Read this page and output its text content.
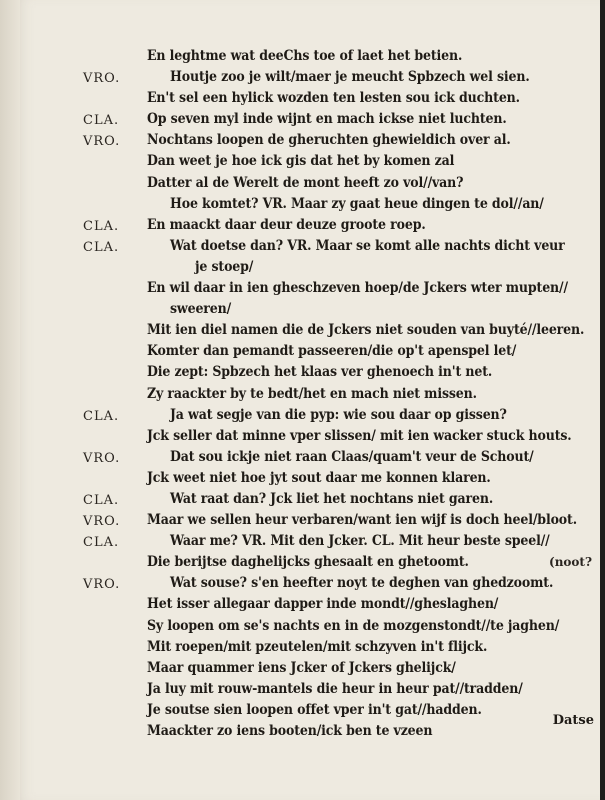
En leghtme wat deeChs toe of laet het betien.
VRO.	Houtje zoo je wilt/maer je meucht Spbzech wel sien.
En't sel een hylick wozden ten lesten sou ick duchten.
CLA. Op seven myl inde wijnt en mach ickse niet luchten.
VRO. Nochtans loopen de gheruchten ghewieldich over al.
Dan weet je hoe ick gis dat het by komen zal
Datter al de Werelt de mont heeft zo vol//van?
Hoe komtet? VR. Maar zy gaat heue dingen te dol//an/
CLA. En maackt daar deur deuze groote roep.
CLA.	Wat doetse dan? VR. Maar se komt alle nachts dicht veur
je stoep/
En wil daar in ien gheschzeven hoep/de Jckers wter mupten//
sweeren/
Mit ien diel namen die de Jckers niet souden van buyté//leeren.
Komter dan pemandt passeeren/die op't apenspel let/
Die zept: Spbzech het klaas ver ghenoech in't net.
Zy raackter by te bedt/het en mach niet missen.
CLA.	Ja wat segje van die pyp: wie sou daar op gissen?
Jck seller dat minne vper slissen/ mit ien wacker stuck houts.
VRO.	Dat sou ickje niet raan Claas/quam't veur de Schout/
Jck weet niet hoe jyt sout daar me konnen klaren.
CLA.	Wat raat dan? Jck liet het nochtans niet garen.
VRO. Maar we sellen heur verbaren/want ien wijf is doch heel/bloot.
CLA.	Waar me? VR. Mit den Jcker. CL. Mit heur beste speel//
Die berijtse daghelijcks ghesaalt en ghetoomt.	(noot?
VRO.	Wat souse? s'en heefter noyt te deghen van ghedzoomt.
Het isser allegaar dapper inde mondt//gheslaghen/
Sy loopen om se's nachts en in de mozgenstondt//te jaghen/
Mit roepen/mit pzeutelen/mit schzyven in't flijck.
Maar quammer iens Jcker of Jckers ghelijck/
Ja luy mit rouw-mantels die heur in heur pat//tradden/
Je soutse sien loopen offet vper in't gat//hadden.
Maackter zo iens booten/ick ben te vzeen
Datse
